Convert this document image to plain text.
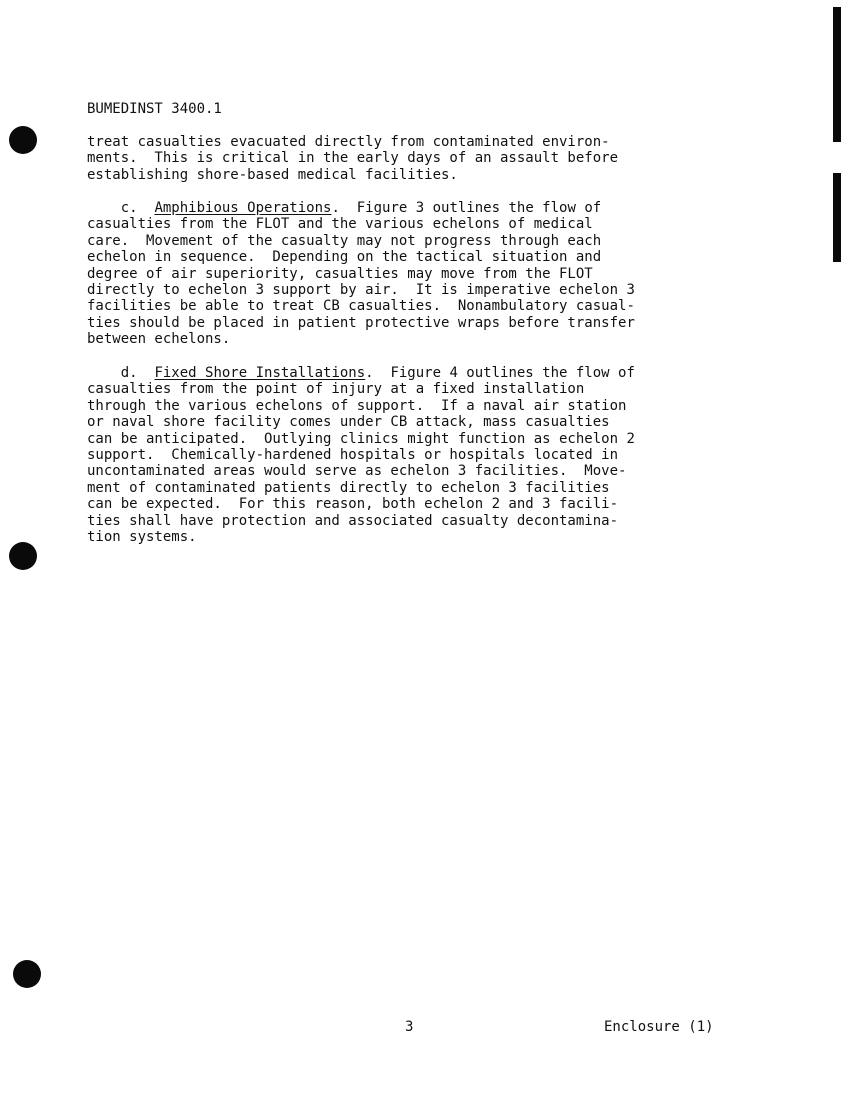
BUMEDINST 3400.1
treat casualties evacuated directly from contaminated environ-
ments.  This is critical in the early days of an assault before
establishing shore-based medical facilities.
c. Amphibious Operations.  Figure 3 outlines the flow of
casualties from the FLOT and the various echelons of medical
care.  Movement of the casualty may not progress through each
echelon in sequence.  Depending on the tactical situation and
degree of air superiority, casualties may move from the FLOT
directly to echelon 3 support by air.  It is imperative echelon 3
facilities be able to treat CB casualties.  Nonambulatory casual-
ties should be placed in patient protective wraps before transfer
between echelons.
d. Fixed Shore Installations.  Figure 4 outlines the flow of
casualties from the point of injury at a fixed installation
through the various echelons of support.  If a naval air station
or naval shore facility comes under CB attack, mass casualties
can be anticipated.  Outlying clinics might function as echelon 2
support.  Chemically-hardened hospitals or hospitals located in
uncontaminated areas would serve as echelon 3 facilities.  Move-
ment of contaminated patients directly to echelon 3 facilities
can be expected.  For this reason, both echelon 2 and 3 facili-
ties shall have protection and associated casualty decontamina-
tion systems.
3	Enclosure (1)
